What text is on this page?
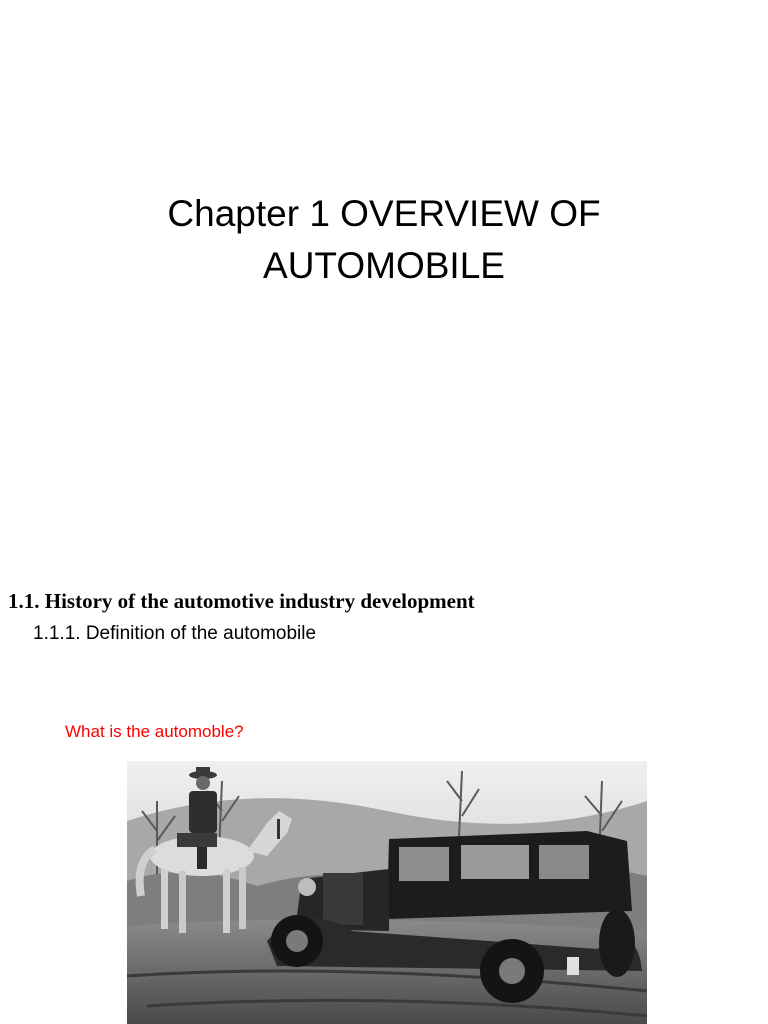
Chapter 1 OVERVIEW OF
AUTOMOBILE
1.1. History of the automotive industry development
1.1.1. Definition of the automobile
What is the automoble?
